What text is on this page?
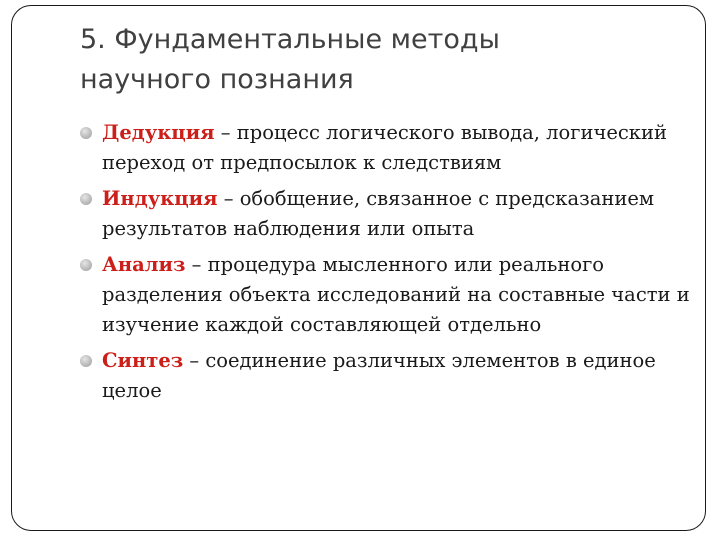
5. Фундаментальные методы
научного познания
Дедукция – процесс логического вывода, логический переход от предпосылок к следствиям
Индукция – обобщение, связанное с предсказанием результатов наблюдения или опыта
Анализ – процедура мысленного или реального разделения объекта исследований на составные части и изучение каждой составляющей отдельно
Синтез – соединение различных элементов в единое целое
